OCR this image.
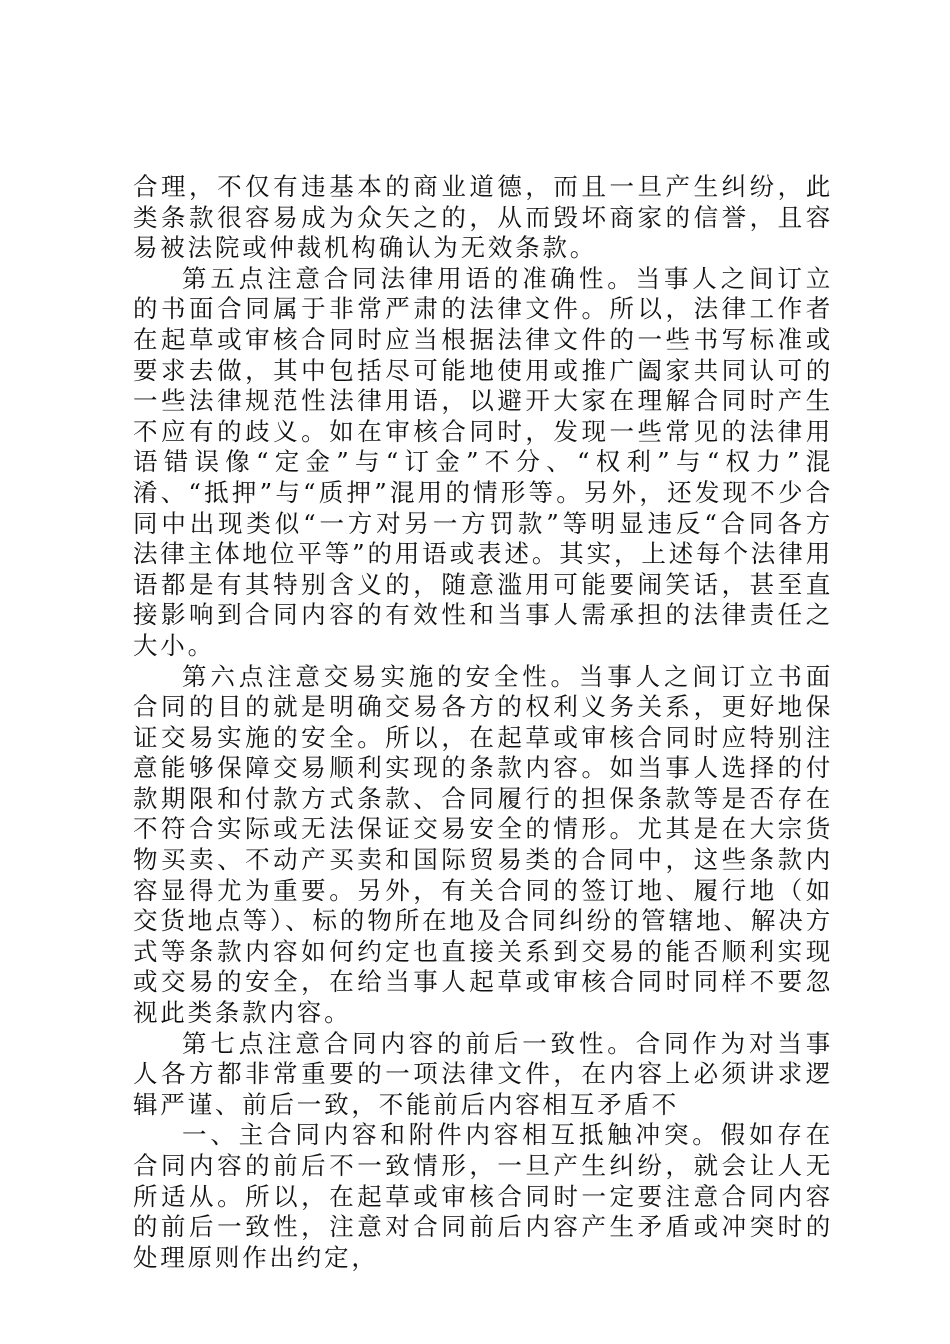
合理，不仅有违基本的商业道德，而且一旦产生纠纷，此类条款很容易成为众矢之的，从而毁坏商家的信誉，且容易被法院或仲裁机构确认为无效条款。

第五点注意合同法律用语的准确性。当事人之间订立的书面合同属于非常严肃的法律文件。所以，法律工作者在起草或审核合同时应当根据法律文件的一些书写标准或要求去做，其中包括尽可能地使用或推广阖家共同认可的一些法律规范性法律用语，以避开大家在理解合同时产生不应有的歧义。如在审核合同时，发现一些常见的法律用语错误像“定金”与“订金”不分、“权利”与“权力”混淆、“抵押”与“质押”混用的情形等。另外，还发现不少合同中出现类似“一方对另一方罚款”等明显违反“合同各方法律主体地位平等”的用语或表述。其实，上述每个法律用语都是有其特别含义的，随意滥用可能要闹笑话，甚至直接影响到合同内容的有效性和当事人需承担的法律责任之大小。

第六点注意交易实施的安全性。当事人之间订立书面合同的目的就是明确交易各方的权利义务关系，更好地保证交易实施的安全。所以，在起草或审核合同时应特别注意能够保障交易顺利实现的条款内容。如当事人选择的付款期限和付款方式条款、合同履行的担保条款等是否存在不符合实际或无法保证交易安全的情形。尤其是在大宗货物买卖、不动产买卖和国际贸易类的合同中，这些条款内容显得尤为重要。另外，有关合同的签订地、履行地（如交货地点等）、标的物所在地及合同纠纷的管辖地、解决方式等条款内容如何约定也直接关系到交易的能否顺利实现或交易的安全，在给当事人起草或审核合同时同样不要忽视此类条款内容。

第七点注意合同内容的前后一致性。合同作为对当事人各方都非常重要的一项法律文件，在内容上必须讲求逻辑严谨、前后一致，不能前后内容相互矛盾不

一、主合同内容和附件内容相互抵触冲突。假如存在合同内容的前后不一致情形，一旦产生纠纷，就会让人无所适从。所以，在起草或审核合同时一定要注意合同内容的前后一致性，注意对合同前后内容产生矛盾或冲突时的处理原则作出约定，
